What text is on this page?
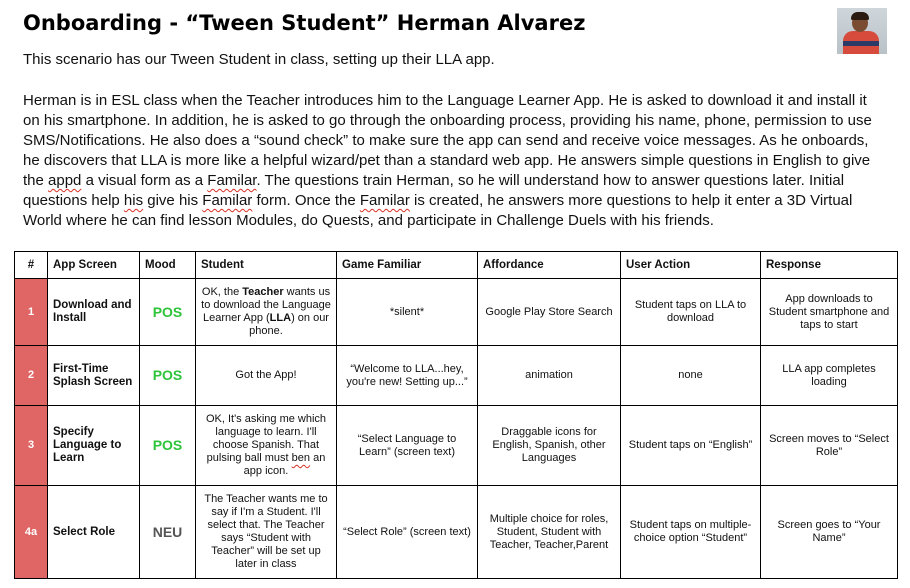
Onboarding - “Tween Student” Herman Alvarez

This scenario has our Tween Student in class, setting up their LLA app.

Herman is in ESL class when the Teacher introduces him to the Language Learner App. He is asked to download it and install it on his smartphone. In addition, he is asked to go through the onboarding process, providing his name, phone, permission to use SMS/Notifications. He also does a “sound check” to make sure the app can send and receive voice messages. As he onboards, he discovers that LLA is more like a helpful wizard/pet than a standard web app. He answers simple questions in English to give the appd a visual form as a Familar. The questions train Herman, so he will understand how to answer questions later. Initial questions help his give his Familar form. Once the Familar is created, he answers more questions to help it enter a 3D Virtual World where he can find lesson Modules, do Quests, and participate in Challenge Duels with his friends.

#	App Screen	Mood	Student	Game Familiar	Affordance	User Action	Response
1	Download and Install	POS	OK, the Teacher wants us to download the Language Learner App (LLA) on our phone.	*silent*	Google Play Store Search	Student taps on LLA to download	App downloads to Student smartphone and taps to start
2	First-Time Splash Screen	POS	Got the App!	“Welcome to LLA...hey, you're new! Setting up...”	animation	none	LLA app completes loading
3	Specify Language to Learn	POS	OK, It's asking me which language to learn. I'll choose Spanish. That pulsing ball must ben an app icon.	“Select Language to Learn” (screen text)	Draggable icons for English, Spanish, other Languages	Student taps on “English”	Screen moves to “Select Role”
4a	Select Role	NEU	The Teacher wants me to say if I'm a Student. I'll select that. The Teacher says “Student with Teacher” will be set up later in class	“Select Role” (screen text)	Multiple choice for roles, Student, Student with Teacher, Teacher,Parent	Student taps on multiple-choice option “Student”	Screen goes to “Your Name”
